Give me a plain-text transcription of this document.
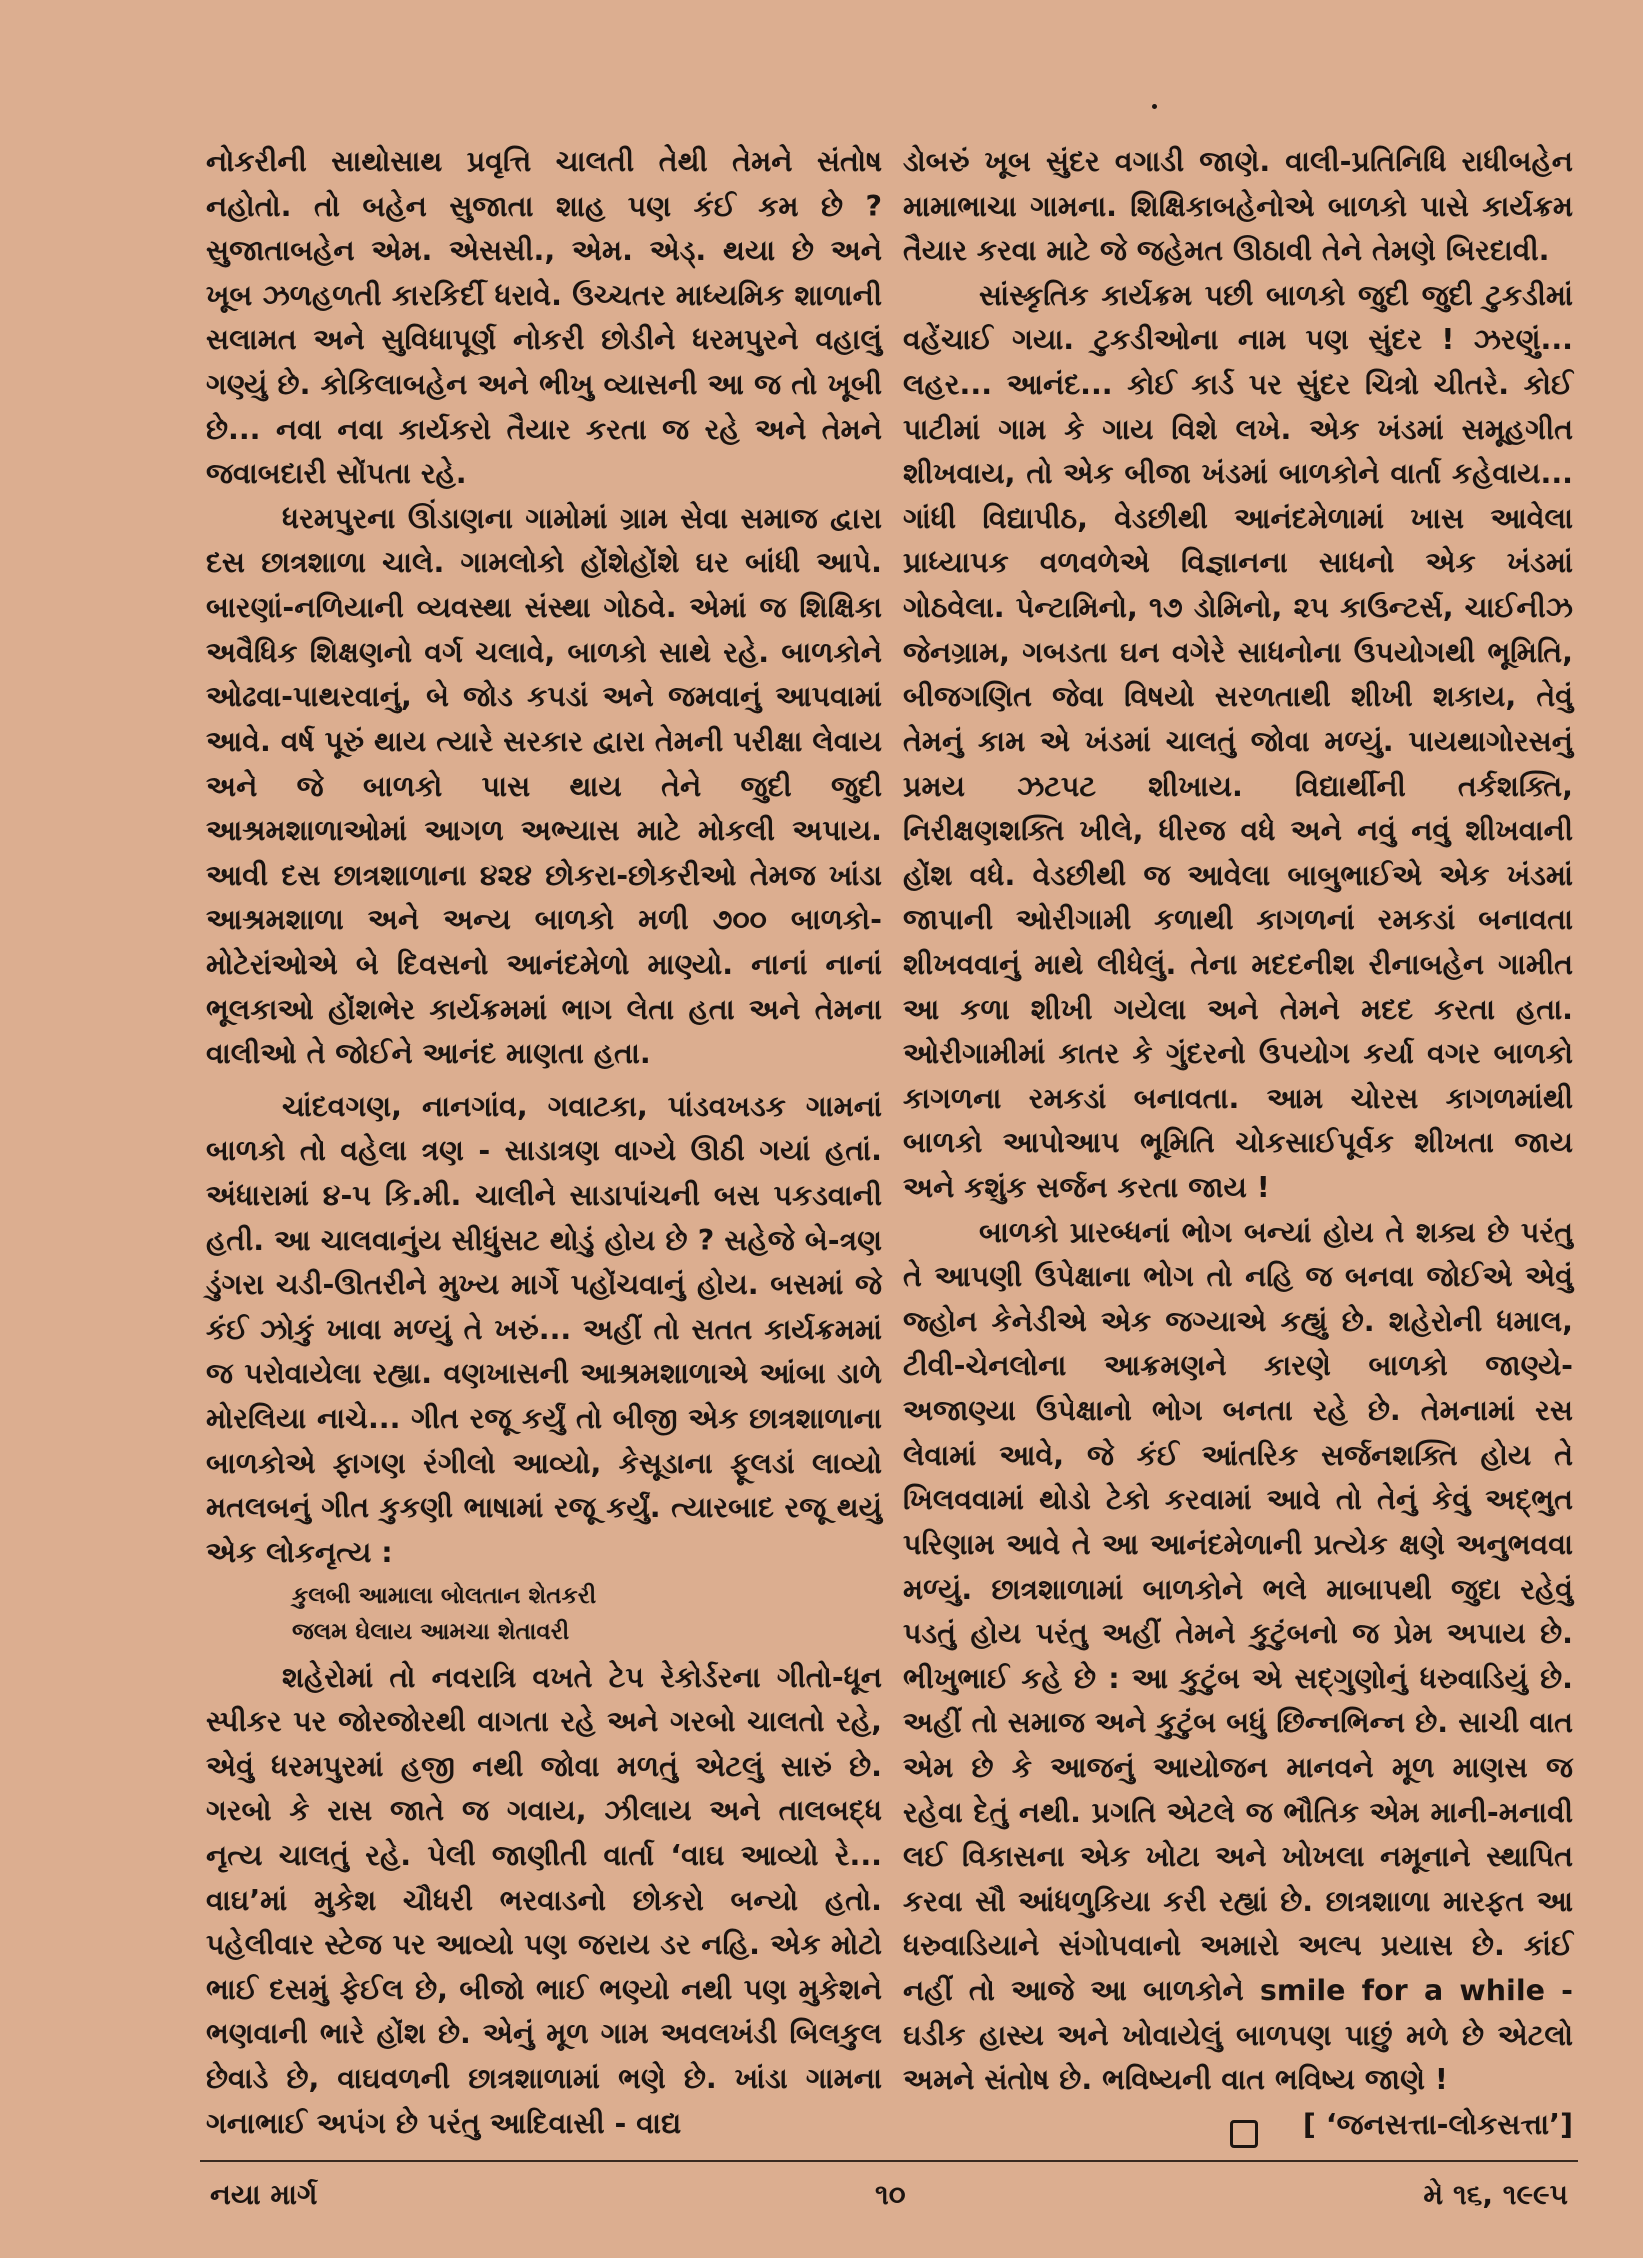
નોકરીની સાથોસાથ પ્રવૃત્તિ ચાલતી તેથી તેમને સંતોષ નહોતો. તો બહેન સુજાતા શાહ પણ કંઈ કમ છે ? સુજાતાબહેન એમ. એસસી., એમ. એડ્. થયા છે અને ખૂબ ઝળહળતી કારકિર્દી ધરાવે. ઉચ્ચતર માધ્યમિક શાળાની સલામત અને સુવિધાપૂર્ણ નોકરી છોડીને ધરમપુરને વહાલું ગણ્યું છે. કોકિલાબહેન અને ભીખુ વ્યાસની આ જ તો ખૂબી છે... નવા નવા કાર્યકરો તૈયાર કરતા જ રહે અને તેમને જવાબદારી સોંપતા રહે.

ધરમપુરના ઊંડાણના ગામોમાં ગ્રામ સેવા સમાજ દ્વારા દસ છાત્રશાળા ચાલે. ગામલોકો હોંશેહોંશે ઘર બાંધી આપે. બારણાં-નળિયાની વ્યવસ્થા સંસ્થા ગોઠવે. એમાં જ શિક્ષિકા અવૈધિક શિક્ષણનો વર્ગ ચલાવે, બાળકો સાથે રહે. બાળકોને ઓઢવા-પાથરવાનું, બે જોડ કપડાં અને જમવાનું આપવામાં આવે. વર્ષ પૂરું થાય ત્યારે સરકાર દ્વારા તેમની પરીક્ષા લેવાય અને જે બાળકો પાસ થાય તેને જુદી જુદી આશ્રમશાળાઓમાં આગળ અભ્યાસ માટે મોકલી અપાય. આવી દસ છાત્રશાળાના ૪૨૪ છોકરા-છોકરીઓ તેમજ ખાંડા આશ્રમશાળા અને અન્ય બાળકો મળી ૭૦૦ બાળકો-મોટેરાંઓએ બે દિવસનો આનંદમેળો માણ્યો. નાનાં નાનાં ભૂલકાઓ હોંશભેર કાર્યક્રમમાં ભાગ લેતા હતા અને તેમના વાલીઓ તે જોઈને આનંદ માણતા હતા.

ચાંદવગણ, નાનગાંવ, ગવાટકા, પાંડવખડક ગામનાં બાળકો તો વહેલા ત્રણ - સાડાત્રણ વાગ્યે ઊઠી ગયાં હતાં. અંધારામાં ૪-૫ કિ.મી. ચાલીને સાડાપાંચની બસ પકડવાની હતી. આ ચાલવાનુંય સીધુંસટ થોડું હોય છે ? સહેજે બે-ત્રણ ડુંગરા ચડી-ઊતરીને મુખ્ય માર્ગે પહોંચવાનું હોય. બસમાં જે કંઈ ઝોકું ખાવા મળ્યું તે ખરું... અહીં તો સતત કાર્યક્રમમાં જ પરોવાયેલા રહ્યા. વણખાસની આશ્રમશાળાએ આંબા ડાળે મોરલિયા નાચે... ગીત રજૂ કર્યું તો બીજી એક છાત્રશાળાના બાળકોએ ફાગણ રંગીલો આવ્યો, કેસૂડાના ફૂલડાં લાવ્યો મતલબનું ગીત કુકણી ભાષામાં રજૂ કર્યું. ત્યારબાદ રજૂ થયું એક લોકનૃત્ય :

કુલબી આમાલા બોલતાન શેતકરી

જલમ ઘેલાય આમચા શેતાવરી

શહેરોમાં તો નવરાત્રિ વખતે ટેપ રેકોર્ડરના ગીતો-ધૂન સ્પીકર પર જોરજોરથી વાગતા રહે અને ગરબો ચાલતો રહે, એવું ધરમપુરમાં હજી નથી જોવા મળતું એટલું સારું છે. ગરબો કે રાસ જાતે જ ગવાય, ઝીલાય અને તાલબદ્ધ નૃત્ય ચાલતું રહે. પેલી જાણીતી વાર્તા ‘વાઘ આવ્યો રે... વાઘ’માં મુકેશ ચૌધરી ભરવાડનો છોકરો બન્યો હતો. પહેલીવાર સ્ટેજ પર આવ્યો પણ જરાય ડર નહિ. એક મોટો ભાઈ દસમું ફેઈલ છે, બીજો ભાઈ ભણ્યો નથી પણ મુકેશને ભણવાની ભારે હોંશ છે. એનું મૂળ ગામ અવલખંડી બિલકુલ છેવાડે છે, વાઘવળની છાત્રશાળામાં ભણે છે. ખાંડા ગામના ગનાભાઈ અપંગ છે પરંતુ આદિવાસી - વાદ્ય

ડોબરું ખૂબ સુંદર વગાડી જાણે. વાલી-પ્રતિનિધિ રાધીબહેન મામાભાચા ગામના. શિક્ષિકાબહેનોએ બાળકો પાસે કાર્યક્રમ તૈયાર કરવા માટે જે જહેમત ઊઠાવી તેને તેમણે બિરદાવી.

સાંસ્કૃતિક કાર્યક્રમ પછી બાળકો જુદી જુદી ટુકડીમાં વહેંચાઈ ગયા. ટુકડીઓના નામ પણ સુંદર ! ઝરણું... લહર... આનંદ... કોઈ કાર્ડ પર સુંદર ચિત્રો ચીતરે. કોઈ પાટીમાં ગામ કે ગાય વિશે લખે. એક ખંડમાં સમૂહગીત શીખવાય, તો એક બીજા ખંડમાં બાળકોને વાર્તા કહેવાય... ગાંધી વિદ્યાપીઠ, વેડછીથી આનંદમેળામાં ખાસ આવેલા પ્રાધ્યાપક વળવળેએ વિજ્ઞાનના સાધનો એક ખંડમાં ગોઠવેલા. પેન્ટામિનો, ૧૭ ડોમિનો, ૨૫ કાઉન્ટર્સ, ચાઈનીઝ જેનગ્રામ, ગબડતા ઘન વગેરે સાધનોના ઉપયોગથી ભૂમિતિ, બીજગણિત જેવા વિષયો સરળતાથી શીખી શકાય, તેવું તેમનું કામ એ ખંડમાં ચાલતું જોવા મળ્યું. પાયથાગોરસનું પ્રમય ઝટપટ શીખાય. વિદ્યાર્થીની તર્કશક્તિ, નિરીક્ષણશક્તિ ખીલે, ધીરજ વધે અને નવું નવું શીખવાની હોંશ વધે. વેડછીથી જ આવેલા બાબુભાઈએ એક ખંડમાં જાપાની ઓરીગામી કળાથી કાગળનાં રમકડાં બનાવતા શીખવવાનું માથે લીધેલું. તેના મદદનીશ રીનાબહેન ગામીત આ કળા શીખી ગયેલા અને તેમને મદદ કરતા હતા. ઓરીગામીમાં કાતર કે ગુંદરનો ઉપયોગ કર્યા વગર બાળકો કાગળના રમકડાં બનાવતા. આમ ચોરસ કાગળમાંથી બાળકો આપોઆપ ભૂમિતિ ચોકસાઈપૂર્વક શીખતા જાય અને કશુંક સર્જન કરતા જાય !

બાળકો પ્રારબ્ધનાં ભોગ બન્યાં હોય તે શક્ય છે પરંતુ તે આપણી ઉપેક્ષાના ભોગ તો નહિ જ બનવા જોઈએ એવું જ્હોન કેનેડીએ એક જગ્યાએ કહ્યું છે. શહેરોની ધમાલ, ટીવી-ચેનલોના આક્રમણને કારણે બાળકો જાણ્યે-અજાણ્યા ઉપેક્ષાનો ભોગ બનતા રહે છે. તેમનામાં રસ લેવામાં આવે, જે કંઈ આંતરિક સર્જનશક્તિ હોય તે ખિલવવામાં થોડો ટેકો કરવામાં આવે તો તેનું કેવું અદ્ભુત પરિણામ આવે તે આ આનંદમેળાની પ્રત્યેક ક્ષણે અનુભવવા મળ્યું. છાત્રશાળામાં બાળકોને ભલે માબાપથી જુદા રહેવું પડતું હોય પરંતુ અહીં તેમને કુટુંબનો જ પ્રેમ અપાય છે. ભીખુભાઈ કહે છે : આ કુટુંબ એ સદ્ગુણોનું ધરુવાડિયું છે. અહીં તો સમાજ અને કુટુંબ બધું છિન્નભિન્ન છે. સાચી વાત એમ છે કે આજનું આયોજન માનવને મૂળ માણસ જ રહેવા દેતું નથી. પ્રગતિ એટલે જ ભૌતિક એમ માની-મનાવી લઈ વિકાસના એક ખોટા અને ખોખલા નમૂનાને સ્થાપિત કરવા સૌ આંધળુકિયા કરી રહ્યાં છે. છાત્રશાળા મારફત આ ધરુવાડિયાને સંગોપવાનો અમારો અલ્પ પ્રયાસ છે. કાંઈ નહીં તો આજે આ બાળકોને smile for a while - ઘડીક હાસ્ય અને ખોવાયેલું બાળપણ પાછું મળે છે એટલો અમને સંતોષ છે. ભવિષ્યની વાત ભવિષ્ય જાણે !

[ ‘જનસત્તા-લોકસત્તા’]

નયા માર્ગ	૧૦	મે ૧૬, ૧૯૯૫
